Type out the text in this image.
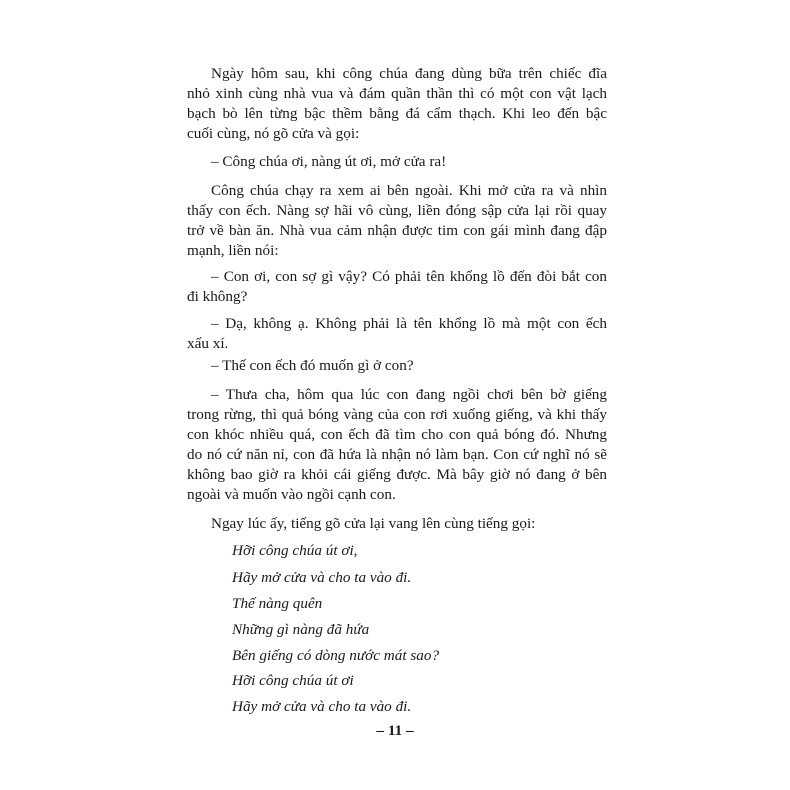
Ngày hôm sau, khi công chúa đang dùng bữa trên chiếc đĩa
nhỏ xinh cùng nhà vua và đám quần thần thì có một con vật lạch
bạch bò lên từng bậc thềm bằng đá cẩm thạch. Khi leo đến bậc
cuối cùng, nó gõ cửa và gọi:
– Công chúa ơi, nàng út ơi, mở cửa ra!
Công chúa chạy ra xem ai bên ngoài. Khi mở cửa ra và nhìn
thấy con ếch. Nàng sợ hãi vô cùng, liền đóng sập cửa lại rồi quay
trở về bàn ăn. Nhà vua cảm nhận được tim con gái mình đang đập
mạnh, liền nói:
– Con ơi, con sợ gì vậy? Có phải tên khổng lồ đến đòi bắt con
đi không?
– Dạ, không ạ. Không phải là tên khổng lồ mà một con ếch
xấu xí.
– Thế con ếch đó muốn gì ở con?
– Thưa cha, hôm qua lúc con đang ngồi chơi bên bờ giếng
trong rừng, thì quả bóng vàng của con rơi xuống giếng, và khi thấy
con khóc nhiều quá, con ếch đã tìm cho con quả bóng đó. Nhưng
do nó cứ năn nỉ, con đã hứa là nhận nó làm bạn. Con cứ nghĩ nó sẽ
không bao giờ ra khỏi cái giếng được. Mà bây giờ nó đang ở bên
ngoài và muốn vào ngồi cạnh con.
Ngay lúc ấy, tiếng gõ cửa lại vang lên cùng tiếng gọi:

Hỡi công chúa út ơi,

Hãy mở cửa và cho ta vào đi.

Thế nàng quên

Những gì nàng đã hứa

Bên giếng có dòng nước mát sao?

Hỡi công chúa út ơi

Hãy mở cửa và cho ta vào đi.

– 11 –
